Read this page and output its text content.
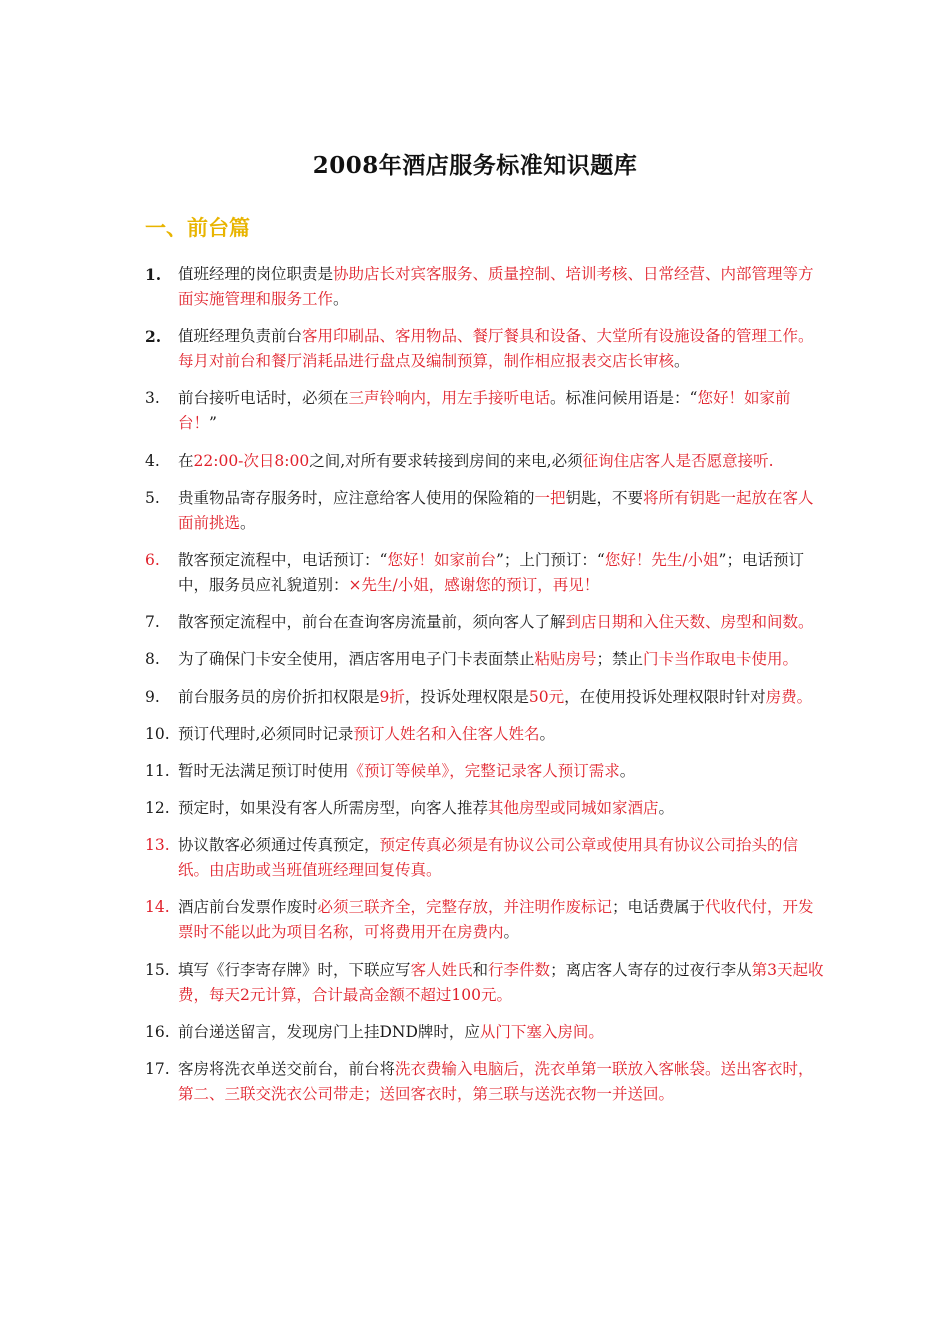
2008年酒店服务标准知识题库
一、前台篇
1. 值班经理的岗位职责是协助店长对宾客服务、质量控制、培训考核、日常经营、内部管理等方面实施管理和服务工作。
2. 值班经理负责前台客用印刷品、客用物品、餐厅餐具和设备、大堂所有设施设备的管理工作。每月对前台和餐厅消耗品进行盘点及编制预算，制作相应报表交店长审核。
3. 前台接听电话时，必须在三声铃响内，用左手接听电话。标准问候用语是：“您好！如家前台！”
4. 在22:00-次日8:00之间,对所有要求转接到房间的来电,必须征询住店客人是否愿意接听.
5. 贵重物品寄存服务时，应注意给客人使用的保险箱的一把钥匙，不要将所有钥匙一起放在客人面前挑选。
6. 散客预定流程中，电话预订：“您好！如家前台”；上门预订：“您好！先生/小姐”；电话预订中，服务员应礼貌道别：×先生/小姐，感谢您的预订，再见！
7. 散客预定流程中，前台在查询客房流量前，须向客人了解到店日期和入住天数、房型和间数。
8. 为了确保门卡安全使用，酒店客用电子门卡表面禁止粘贴房号；禁止门卡当作取电卡使用。
9. 前台服务员的房价折扣权限是9折，投诉处理权限是50元，在使用投诉处理权限时针对房费。
10. 预订代理时,必须同时记录预订人姓名和入住客人姓名。
11. 暂时无法满足预订时使用《预订等候单》，完整记录客人预订需求。
12. 预定时，如果没有客人所需房型，向客人推荐其他房型或同城如家酒店。
13. 协议散客必须通过传真预定，预定传真必须是有协议公司公章或使用具有协议公司抬头的信纸。由店助或当班值班经理回复传真。
14. 酒店前台发票作废时必须三联齐全，完整存放，并注明作废标记；电话费属于代收代付，开发票时不能以此为项目名称，可将费用开在房费内。
15. 填写《行李寄存牌》时，下联应写客人姓氏和行李件数；离店客人寄存的过夜行李从第3天起收费，每天2元计算，合计最高金额不超过100元。
16. 前台递送留言，发现房门上挂DND牌时，应从门下塞入房间。
17. 客房将洗衣单送交前台，前台将洗衣费输入电脑后，洗衣单第一联放入客帐袋。送出客衣时，第二、三联交洗衣公司带走；送回客衣时，第三联与送洗衣物一并送回。
